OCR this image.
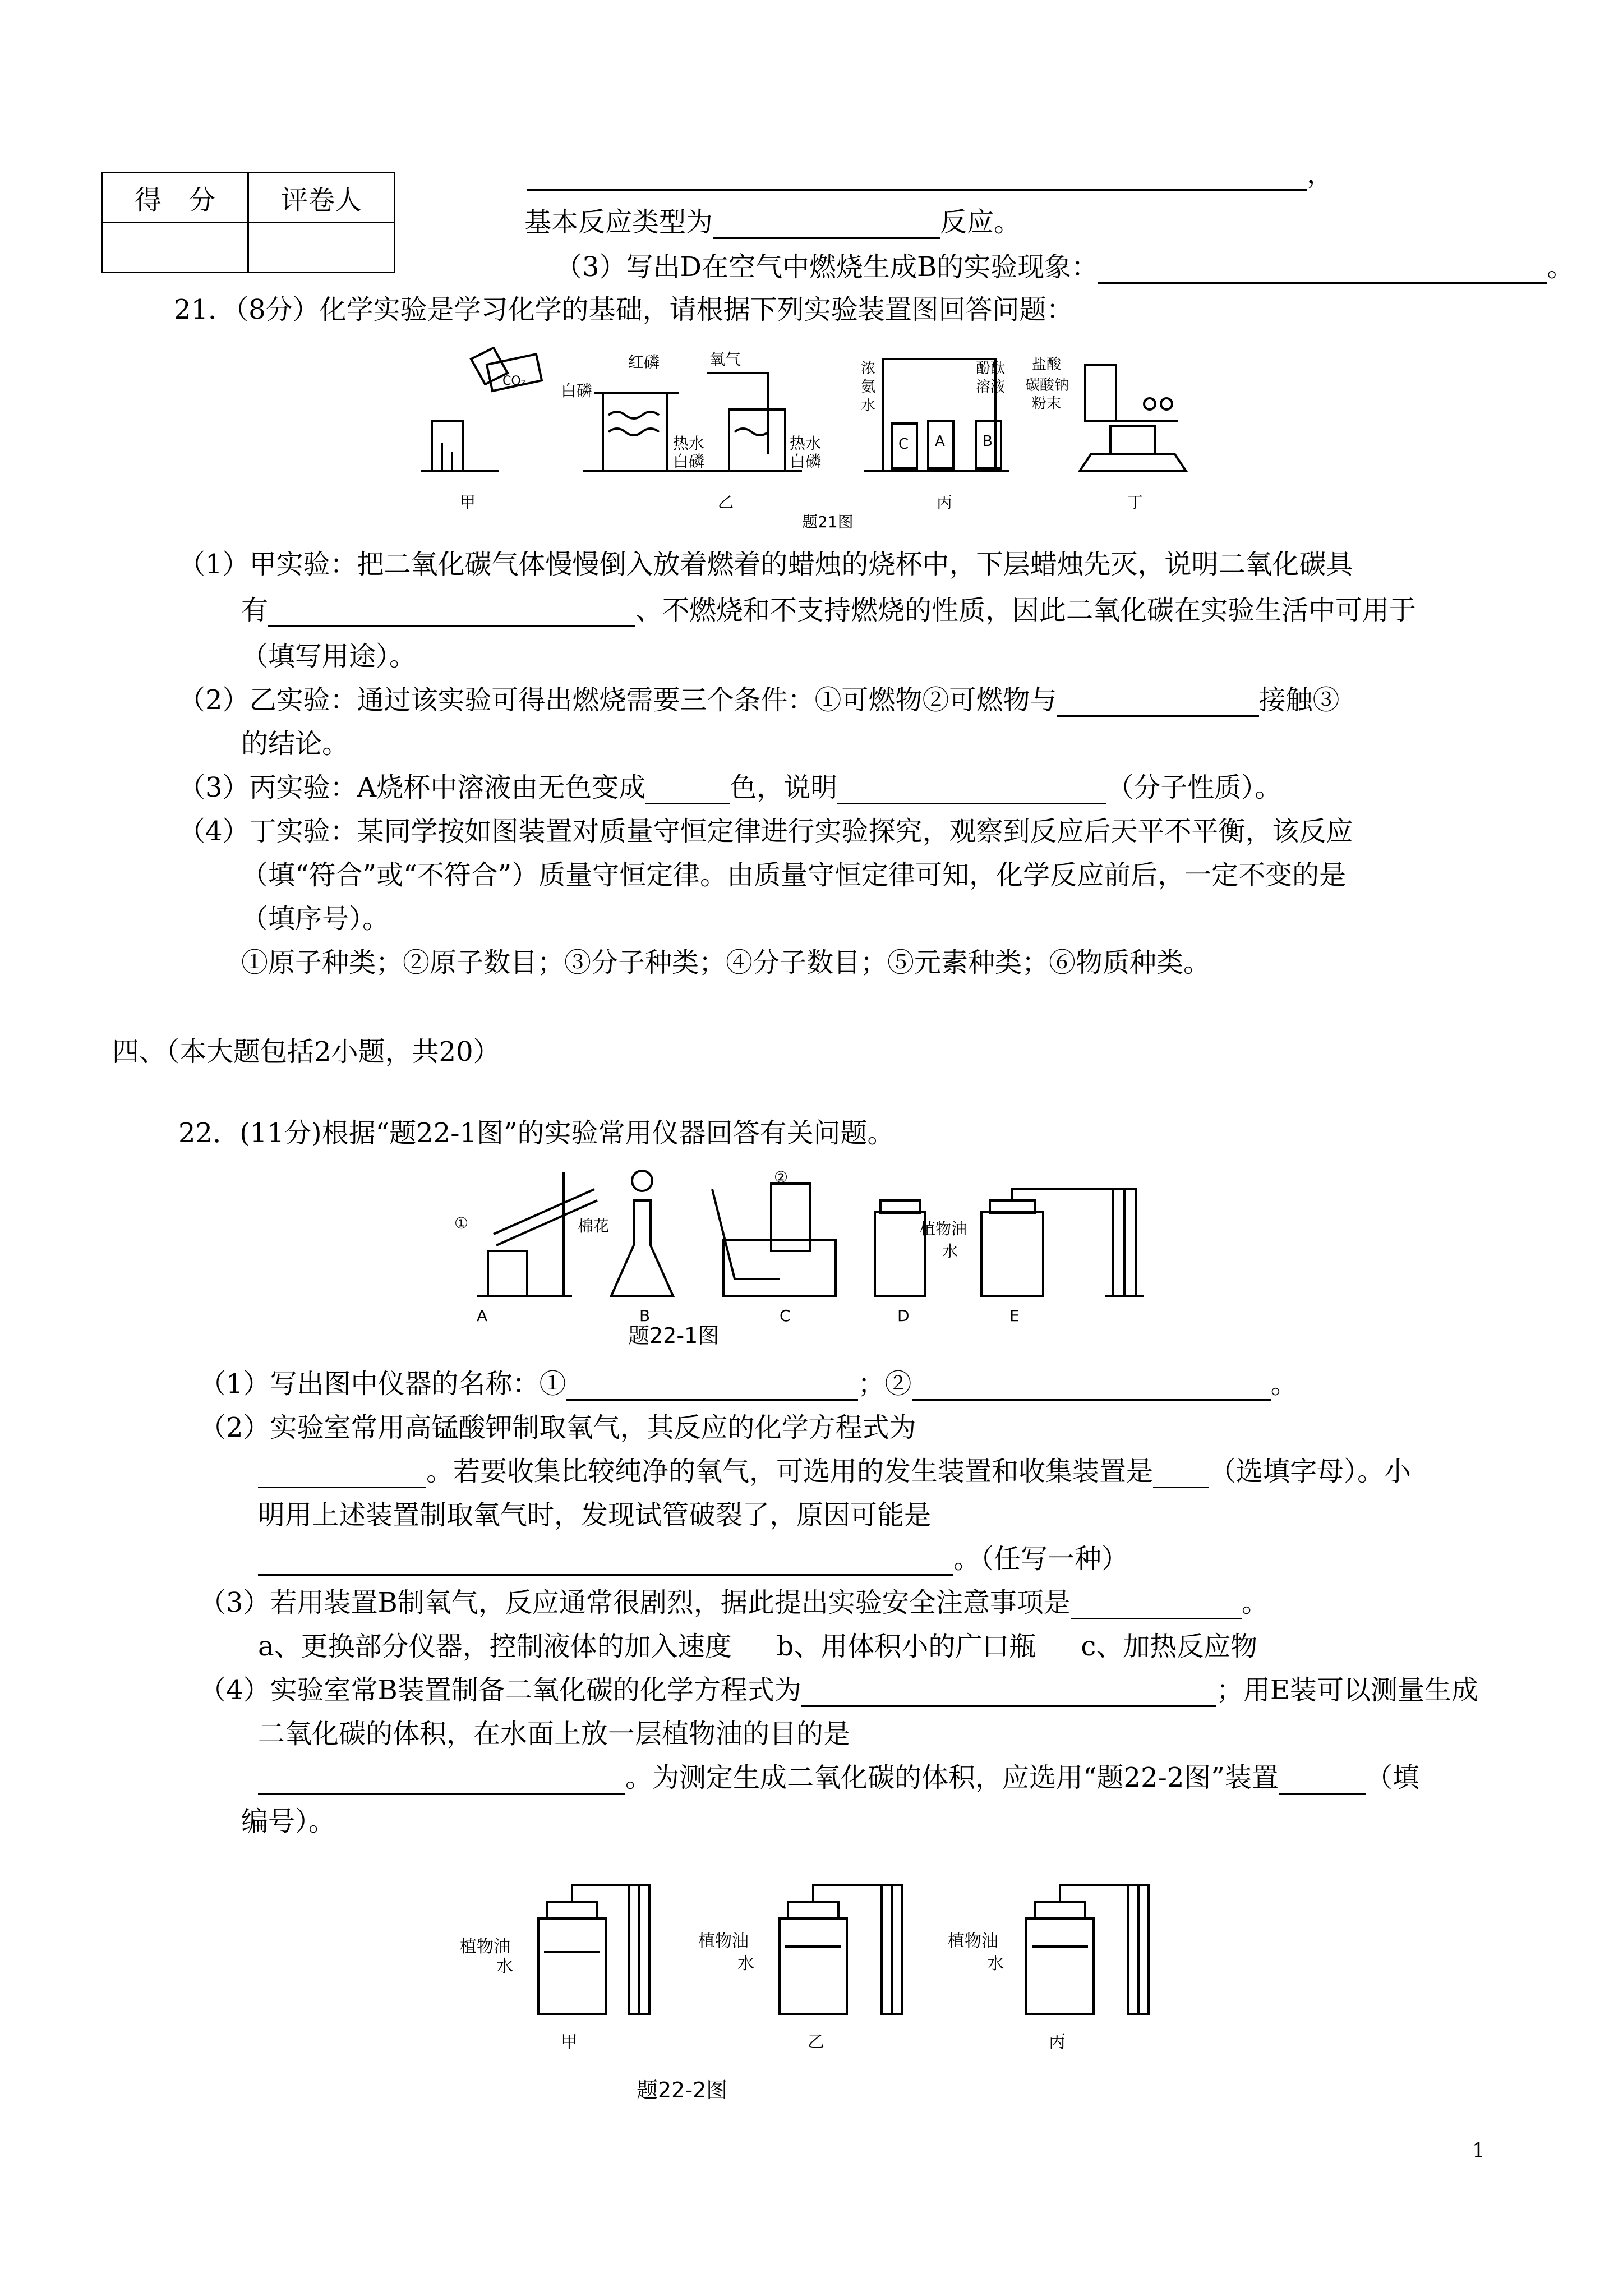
得　分	评卷人

，
基本反应类型为	反应。
（3）写出D在空气中燃烧生成B的实验现象：	。
21．（8分）化学实验是学习化学的基础，请根据下列实验装置图回答问题：
CO₂
红磷
白磷
氧气
热水
白磷
热水
白磷
浓
氨
水
酚酞
溶液
C A	B
盐酸
碳酸钠
粉末
甲	乙	丙	丁
题21图
（1）甲实验：把二氧化碳气体慢慢倒入放着燃着的蜡烛的烧杯中，下层蜡烛先灭，说明二氧化碳具
有	、不燃烧和不支持燃烧的性质，因此二氧化碳在实验生活中可用于
（填写用途）。
（2）乙实验：通过该实验可得出燃烧需要三个条件：①可燃物②可燃物与	接触③
的结论。
（3）丙实验：A烧杯中溶液由无色变成	色，说明	（分子性质）。
（4）丁实验：某同学按如图装置对质量守恒定律进行实验探究，观察到反应后天平不平衡，该反应
（填“符合”或“不符合”）质量守恒定律。由质量守恒定律可知，化学反应前后，一定不变的是
（填序号）。
①原子种类；②原子数目；③分子种类；④分子数目；⑤元素种类；⑥物质种类。
四、（本大题包括2小题，共20）
22．(11分)根据“题22-1图”的实验常用仪器回答有关问题。
①	棉花
②
植物油
水
A	B	C	D	E
题22-1图
（1）写出图中仪器的名称：①	；②	。
（2）实验室常用高锰酸钾制取氧气，其反应的化学方程式为
。若要收集比较纯净的氧气，可选用的发生装置和收集装置是 （选填字母）。小
明用上述装置制取氧气时，发现试管破裂了，原因可能是
。（任写一种）
（3）若用装置B制氧气，反应通常很剧烈，据此提出实验安全注意事项是	。
a、更换部分仪器，控制液体的加入速度 b、用体积小的广口瓶 c、加热反应物
（4）实验室常B装置制备二氧化碳的化学方程式为	；用E装可以测量生成
二氧化碳的体积，在水面上放一层植物油的目的是
。为测定生成二氧化碳的体积，应选用“题22-2图”装置	（填
编号）。
植物油
水
植物油
水
植物油
水
甲	乙	丙
题22-2图
1
